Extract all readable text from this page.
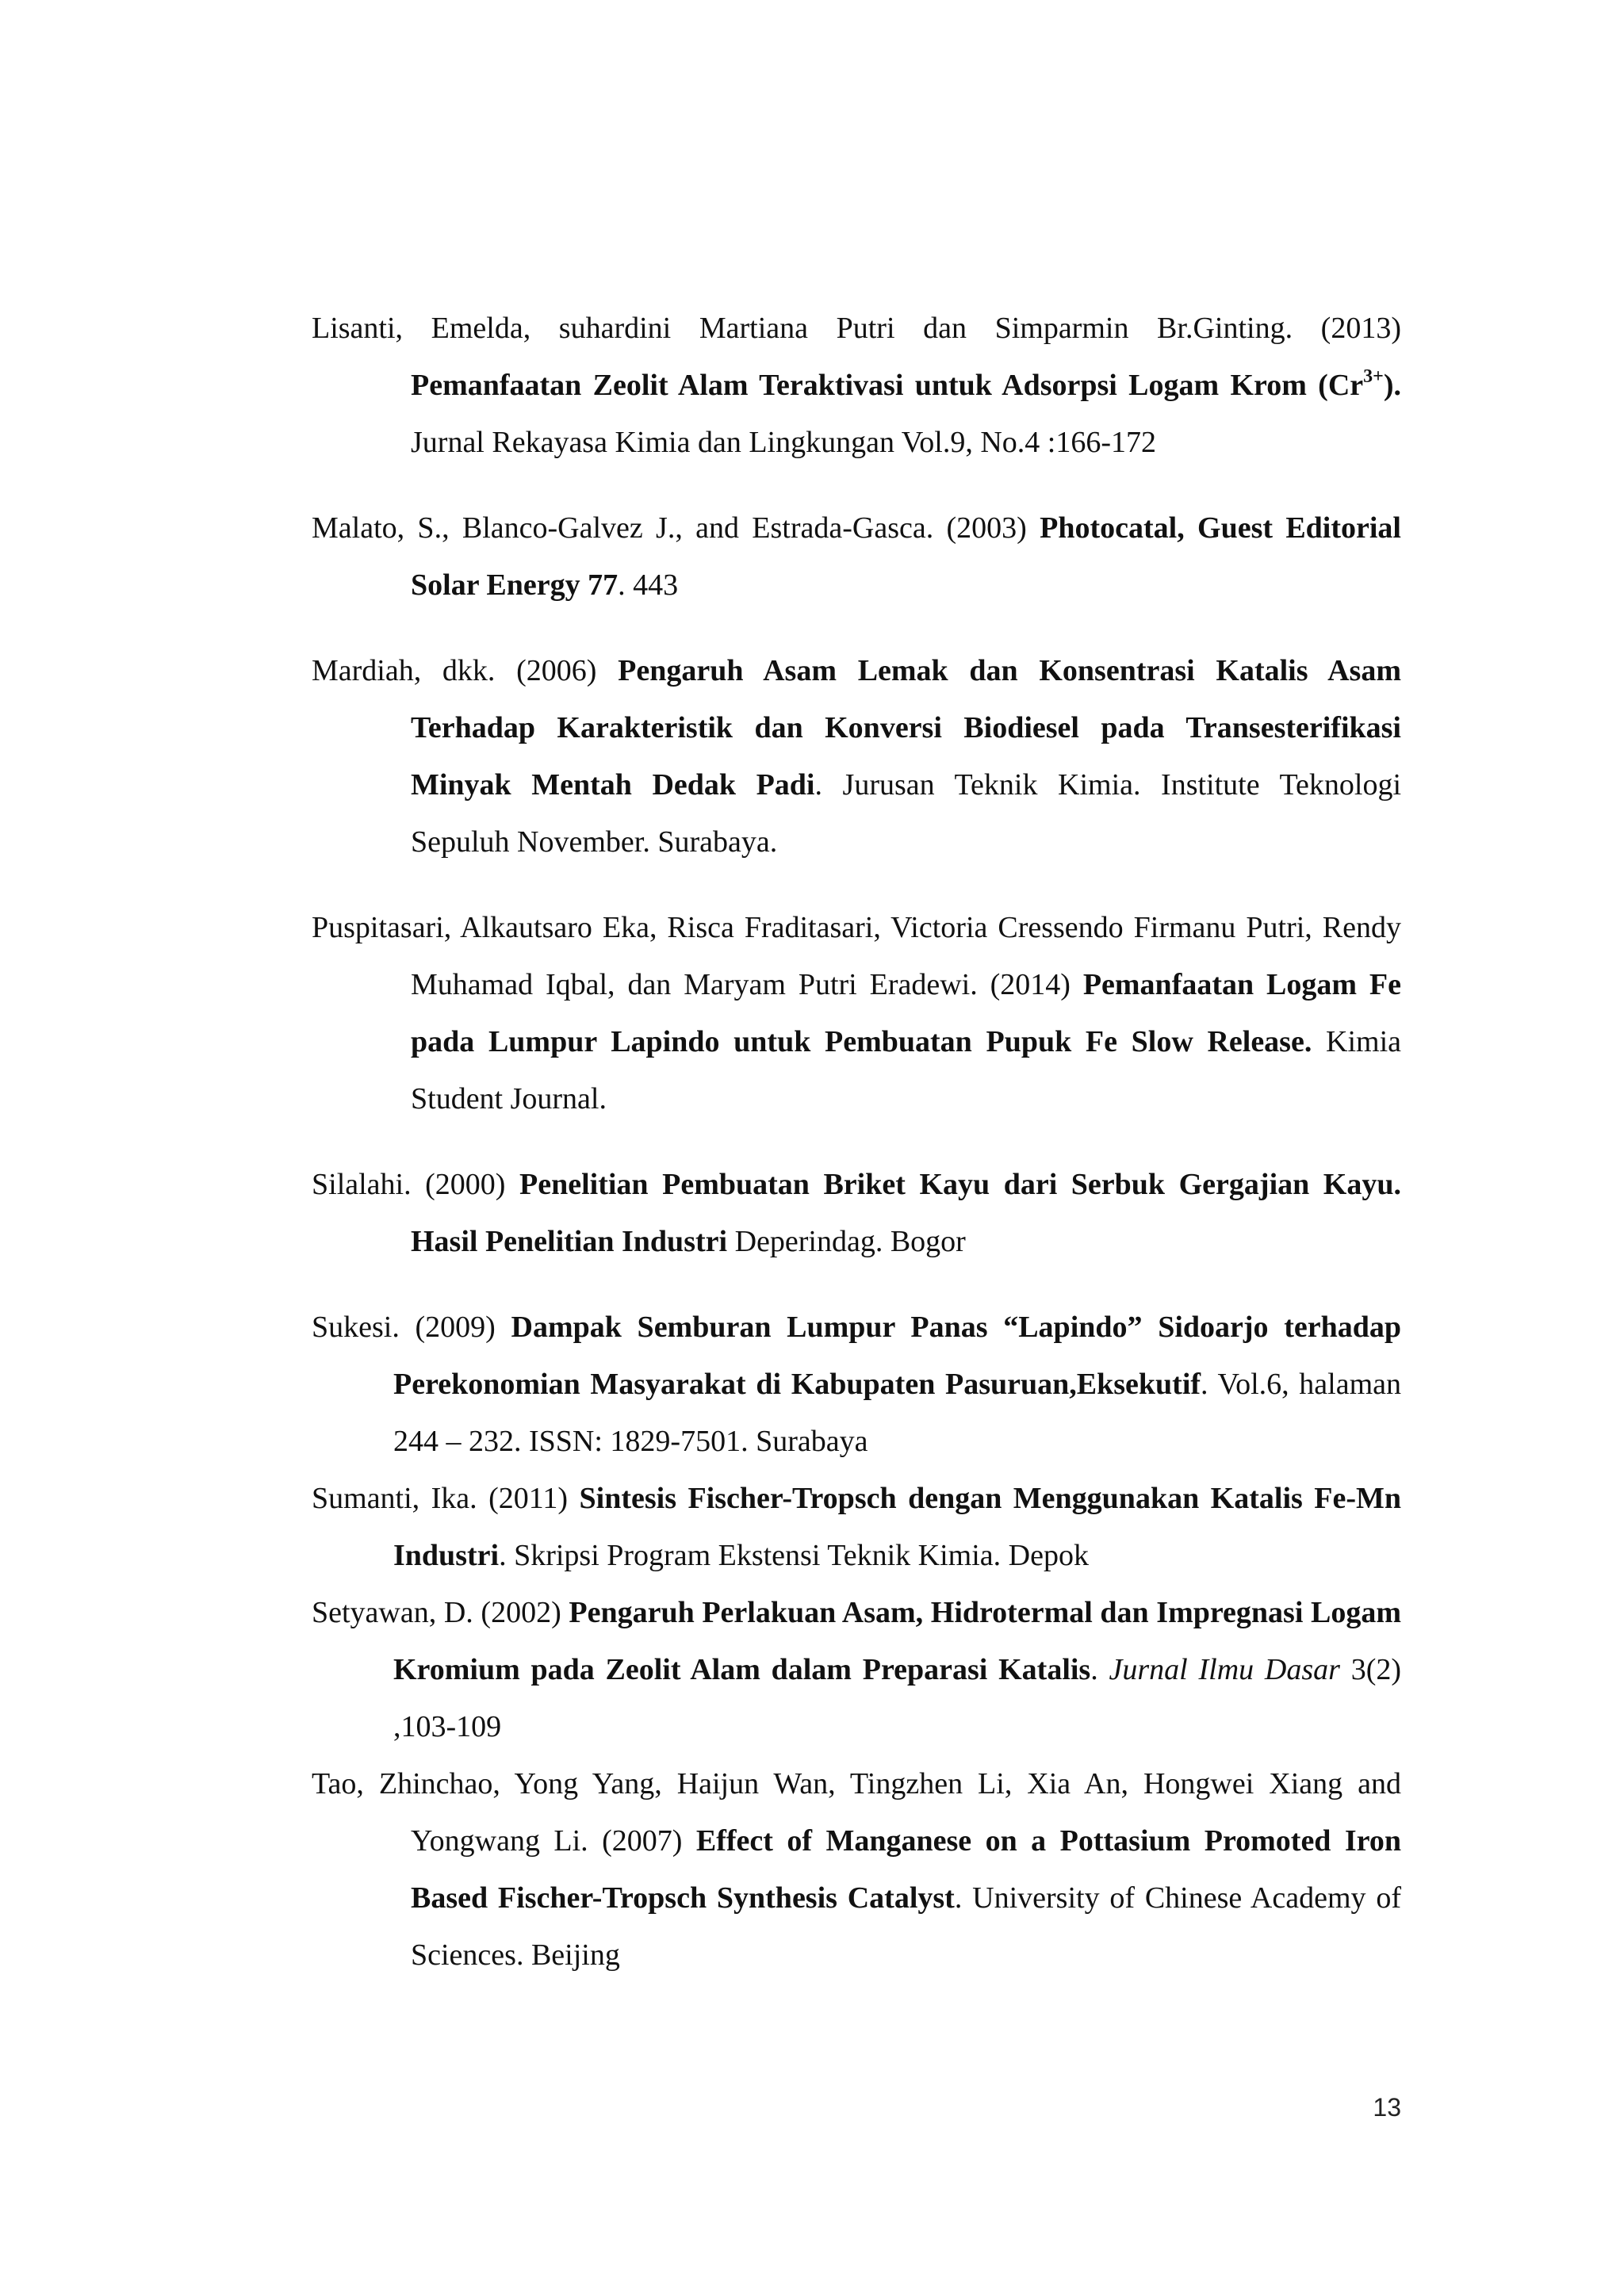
Lisanti, Emelda, suhardini Martiana Putri dan Simparmin Br.Ginting. (2013) Pemanfaatan Zeolit Alam Teraktivasi untuk Adsorpsi Logam Krom $(Cr^{3+})$. Jurnal Rekayasa Kimia dan Lingkungan Vol.9, No.4 :166-172

Malato, S., Blanco-Galvez J., and Estrada-Gasca. (2003) Photocatal, Guest Editorial Solar Energy 77. 443

Mardiah, dkk. (2006) Pengaruh Asam Lemak dan Konsentrasi Katalis Asam Terhadap Karakteristik dan Konversi Biodiesel pada Transesterifikasi Minyak Mentah Dedak Padi. Jurusan Teknik Kimia. Institute Teknologi Sepuluh November. Surabaya.

Puspitasari, Alkautsaro Eka, Risca Fraditasari, Victoria Cressendo Firmanu Putri, Rendy Muhamad Iqbal, dan Maryam Putri Eradewi. (2014) Pemanfaatan Logam Fe pada Lumpur Lapindo untuk Pembuatan Pupuk Fe Slow Release. Kimia Student Journal.

Silalahi. (2000) Penelitian Pembuatan Briket Kayu dari Serbuk Gergajian Kayu. Hasil Penelitian Industri Deperindag. Bogor

Sukesi. (2009) Dampak Semburan Lumpur Panas “Lapindo” Sidoarjo terhadap Perekonomian Masyarakat di Kabupaten Pasuruan,Eksekutif. Vol.6, halaman 244 – 232. ISSN: 1829-7501. Surabaya

Sumanti, Ika. (2011) Sintesis Fischer-Tropsch dengan Menggunakan Katalis Fe-Mn Industri. Skripsi Program Ekstensi Teknik Kimia. Depok

Setyawan, D. (2002) Pengaruh Perlakuan Asam, Hidrotermal dan Impregnasi Logam Kromium pada Zeolit Alam dalam Preparasi Katalis. Jurnal Ilmu Dasar 3(2) ,103-109

Tao, Zhinchao, Yong Yang, Haijun Wan, Tingzhen Li, Xia An, Hongwei Xiang and Yongwang Li. (2007) Effect of Manganese on a Pottasium Promoted Iron Based Fischer-Tropsch Synthesis Catalyst. University of Chinese Academy of Sciences. Beijing

13
